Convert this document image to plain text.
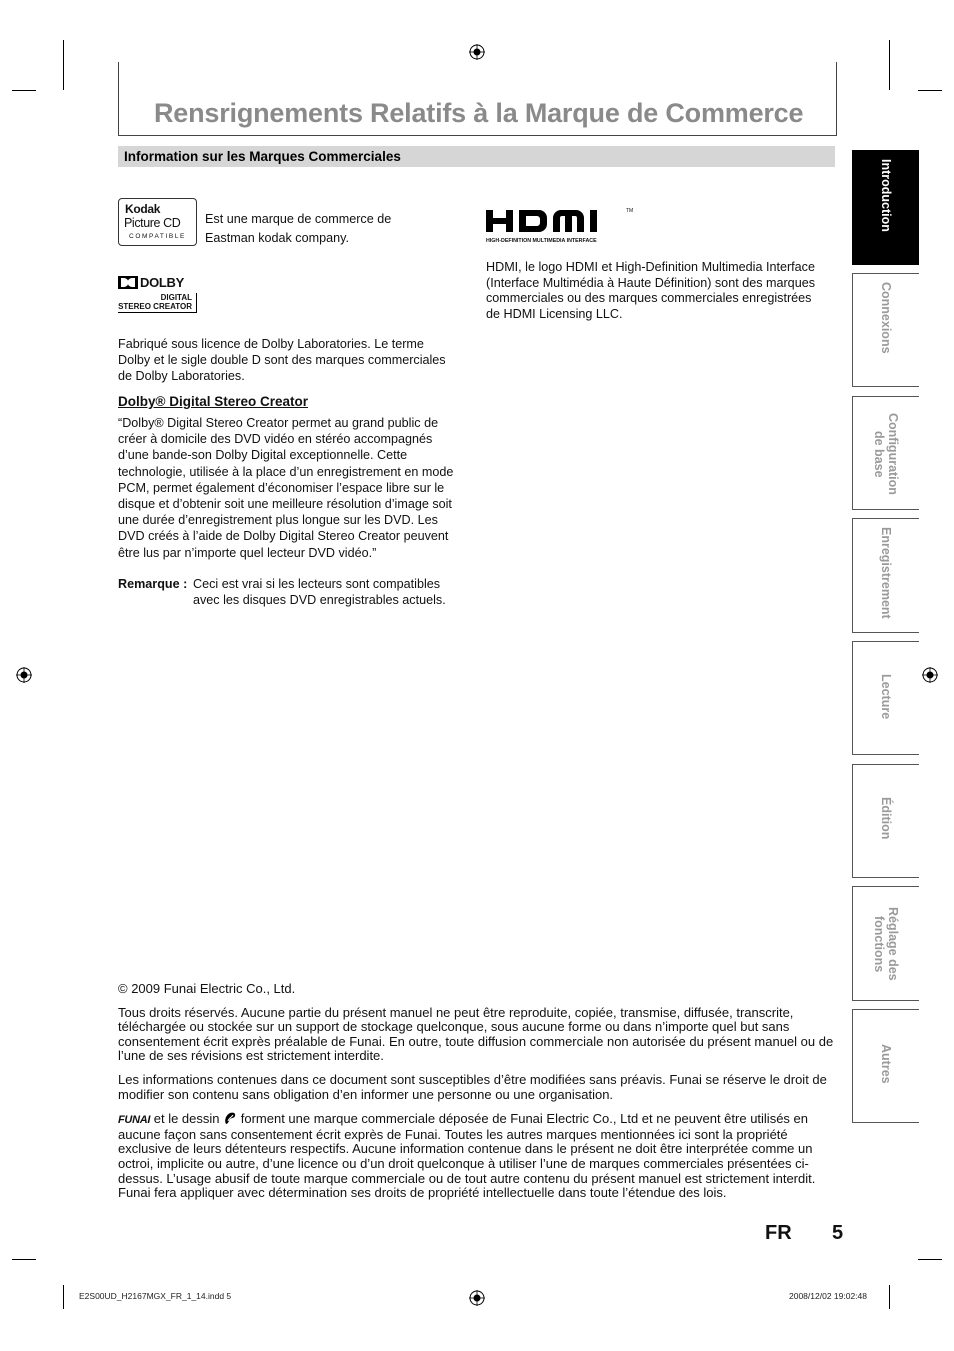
Rensrignements Relatifs à la Marque de Commerce
Information sur les Marques Commerciales
Kodak
Picture CD
COMPATIBLE

Est une marque de commerce de

Eastman kodak company.

DOLBY
DIGITAL
STEREO CREATOR
Fabriqué sous licence de Dolby Laboratories. Le terme Dolby et le sigle double D sont des marques commerciales de Dolby Laboratories.
Dolby® Digital Stereo Creator
“Dolby® Digital Stereo Creator permet au grand public de créer à domicile des DVD vidéo en stéréo accompagnés d’une bande-son Dolby Digital exceptionnelle. Cette technologie, utilisée à la place d’un enregistrement en mode PCM, permet également d’économiser l’espace libre sur le disque et d’obtenir soit une meilleure résolution d’image soit une durée d’enregistrement plus longue sur les DVD. Les DVD créés à l’aide de Dolby Digital Stereo Creator peuvent être lus par n’importe quel lecteur DVD vidéo.”
Remarque : Ceci est vrai si les lecteurs sont compatibles avec les disques DVD enregistrables actuels.
TM
HIGH-DEFINITION MULTIMEDIA INTERFACE
HDMI, le logo HDMI et High-Definition Multimedia Interface (Interface Multimédia à Haute Définition) sont des marques commerciales ou des marques commerciales enregistrées de HDMI Licensing LLC.
Introduction
Connexions
Configuration de base
Enregistrement
Lecture
Édition
Réglage des fonctions
Autres

© 2009 Funai Electric Co., Ltd.

Tous droits réservés. Aucune partie du présent manuel ne peut être reproduite, copiée, transmise, diffusée, transcrite, téléchargée ou stockée sur un support de stockage quelconque, sous aucune forme ou dans n’importe quel but sans consentement écrit exprès préalable de Funai. En outre, toute diffusion commerciale non autorisée du présent manuel ou de l’une de ses révisions est strictement interdite.

Les informations contenues dans ce document sont susceptibles d’être modifiées sans préavis. Funai se réserve le droit de modifier son contenu sans obligation d’en informer une personne ou une organisation.

FUNAI et le dessin forment une marque commerciale déposée de Funai Electric Co., Ltd et ne peuvent être utilisés en aucune façon sans consentement écrit exprès de Funai. Toutes les autres marques mentionnées ici sont la propriété exclusive de leurs détenteurs respectifs. Aucune information contenue dans le présent ne doit être interprétée comme un octroi, implicite ou autre, d’une licence ou d’un droit quelconque à utiliser l’une de marques commerciales présentées ci-dessus. L’usage abusif de toute marque commerciale ou de tout autre contenu du présent manuel est strictement interdit. Funai fera appliquer avec détermination ses droits de propriété intellectuelle dans toute l’étendue des lois.

FR 5
E2S00UD_H2167MGX_FR_1_14.indd 5	2008/12/02 19:02:48
